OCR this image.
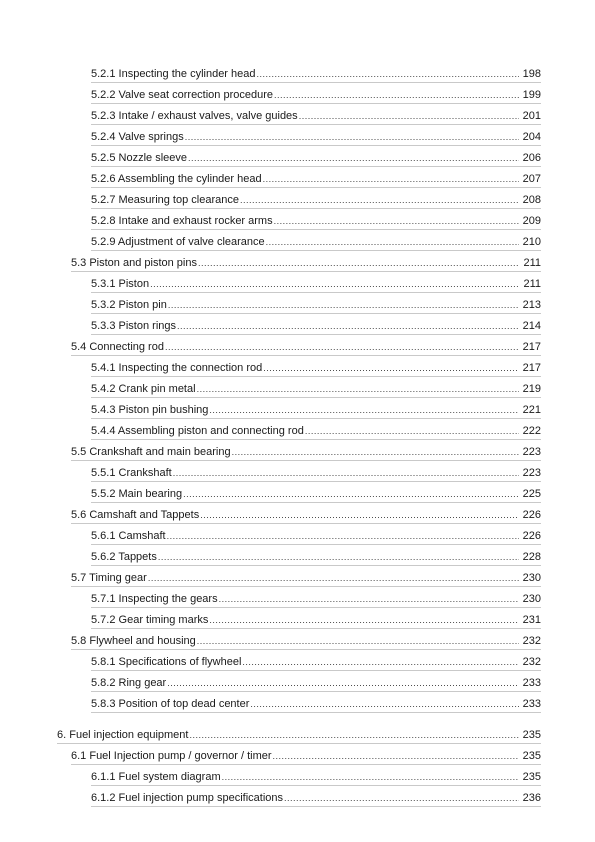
5.2.1 Inspecting the cylinder head .....	198
5.2.2 Valve seat correction procedure .....	199
5.2.3 Intake / exhaust valves, valve guides .....	201
5.2.4 Valve springs .....	204
5.2.5 Nozzle sleeve .....	206
5.2.6 Assembling the cylinder head .....	207
5.2.7 Measuring top clearance .....	208
5.2.8 Intake and exhaust rocker arms .....	209
5.2.9 Adjustment of valve clearance .....	210
5.3 Piston and piston pins .....	211
5.3.1 Piston .....	211
5.3.2 Piston pin .....	213
5.3.3 Piston rings .....	214
5.4 Connecting rod .....	217
5.4.1 Inspecting the connection rod .....	217
5.4.2 Crank pin metal .....	219
5.4.3 Piston pin bushing .....	221
5.4.4 Assembling piston and connecting rod .....	222
5.5 Crankshaft and main bearing .....	223
5.5.1 Crankshaft .....	223
5.5.2 Main bearing .....	225
5.6 Camshaft and Tappets .....	226
5.6.1 Camshaft .....	226
5.6.2 Tappets .....	228
5.7 Timing gear .....	230
5.7.1 Inspecting the gears .....	230
5.7.2 Gear timing marks .....	231
5.8 Flywheel and housing .....	232
5.8.1 Specifications of flywheel .....	232
5.8.2 Ring gear .....	233
5.8.3 Position of top dead center .....	233
6. Fuel injection equipment .....	235
6.1 Fuel Injection pump / governor / timer .....	235
6.1.1 Fuel system diagram .....	235
6.1.2 Fuel injection pump specifications .....	236
